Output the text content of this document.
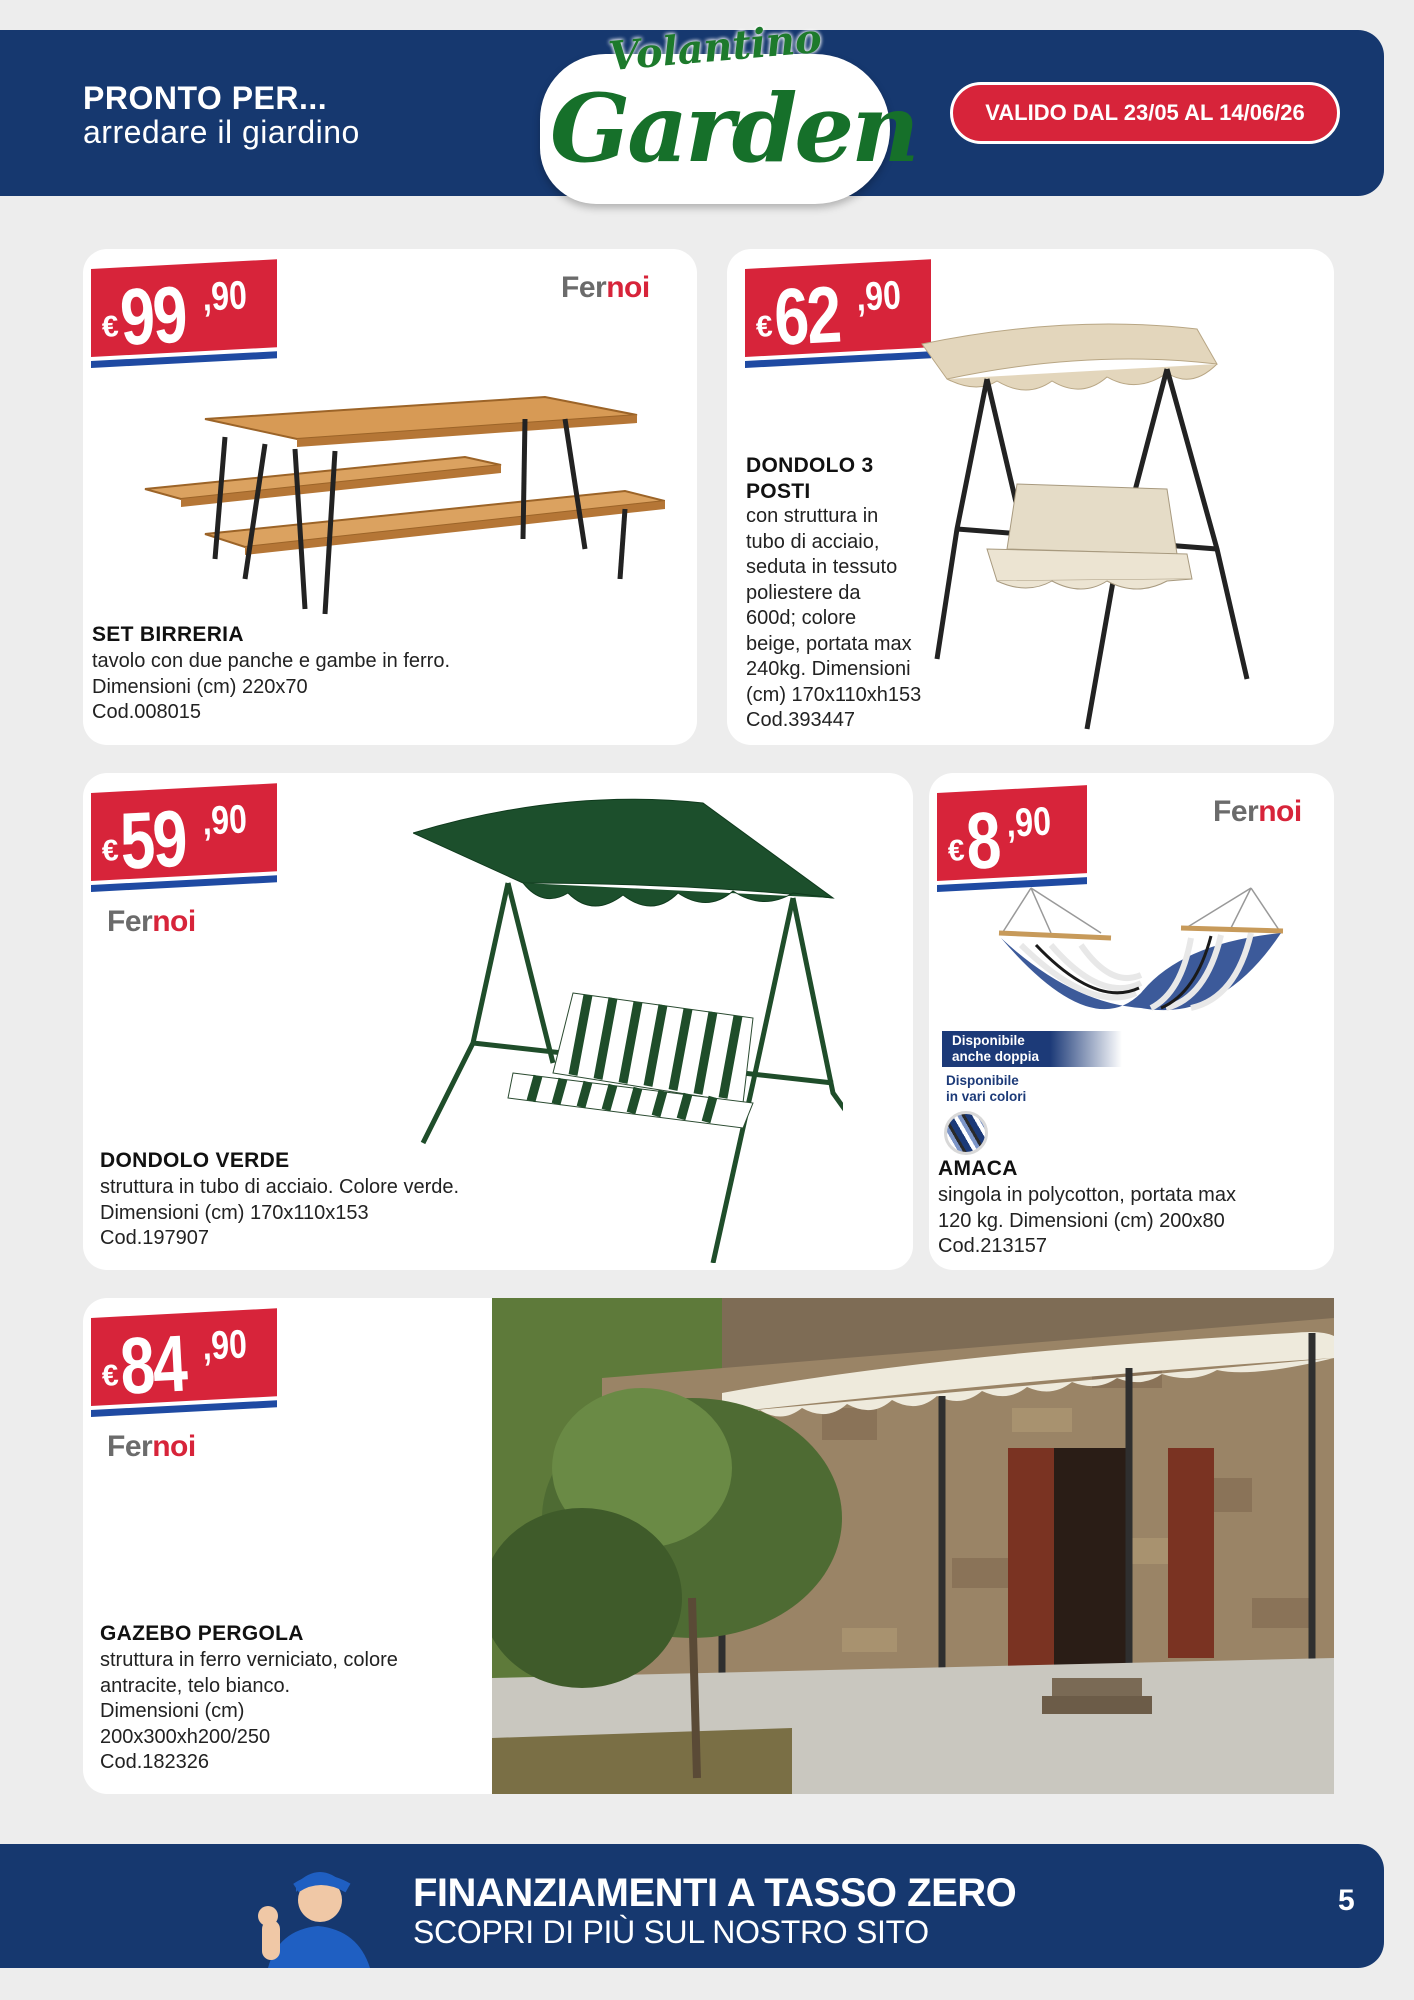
PRONTO PER...
arredare il giardino
VALIDO DAL 23/05 AL 14/06/26
Volantino
Garden
€
99 ,90	Fernoi
SET BIRRERIA
tavolo con due panche e gambe in ferro.
Dimensioni (cm) 220x70
Cod.008015
€
62 ,90
DONDOLO 3
POSTI
con struttura in
tubo di acciaio,
seduta in tessuto
poliestere da
600d; colore
beige, portata max
240kg. Dimensioni
(cm) 170x110xh153
Cod.393447
€
59 ,90
Fernoi
DONDOLO VERDE
struttura in tubo di acciaio. Colore verde.
Dimensioni (cm) 170x110x153
Cod.197907
€
8 ,90	Fernoi
Disponibile
anche doppia
Disponibile
in vari colori
AMACA
singola in polycotton, portata max
120 kg. Dimensioni (cm) 200x80
Cod.213157
€
84 ,90
Fernoi
GAZEBO PERGOLA
struttura in ferro verniciato, colore
antracite, telo bianco.
Dimensioni (cm)
200x300xh200/250
Cod.182326
FINANZIAMENTI A TASSO ZERO
SCOPRI DI PIÙ SUL NOSTRO SITO
5
